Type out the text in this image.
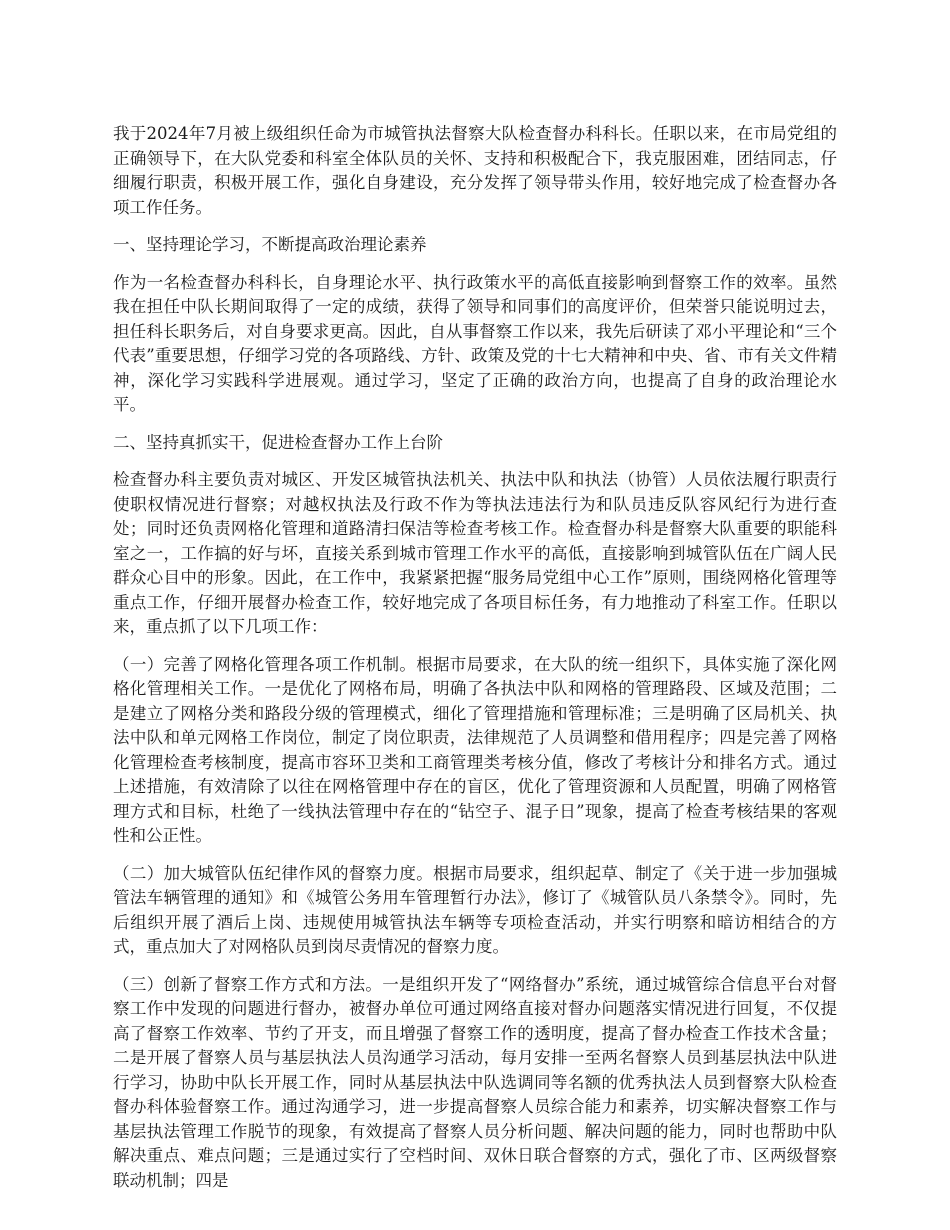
我于2024年7月被上级组织任命为市城管执法督察大队检查督办科科长。任职以来，在市局党组的正确领导下，在大队党委和科室全体队员的关怀、支持和积极配合下，我克服困难，团结同志，仔细履行职责，积极开展工作，强化自身建设，充分发挥了领导带头作用，较好地完成了检查督办各项工作任务。

一、坚持理论学习，不断提高政治理论素养

作为一名检查督办科科长，自身理论水平、执行政策水平的高低直接影响到督察工作的效率。虽然我在担任中队长期间取得了一定的成绩，获得了领导和同事们的高度评价，但荣誉只能说明过去，担任科长职务后，对自身要求更高。因此，自从事督察工作以来，我先后研读了邓小平理论和“三个代表”重要思想，仔细学习党的各项路线、方针、政策及党的十七大精神和中央、省、市有关文件精神，深化学习实践科学进展观。通过学习，坚定了正确的政治方向，也提高了自身的政治理论水平。

二、坚持真抓实干，促进检查督办工作上台阶

检查督办科主要负责对城区、开发区城管执法机关、执法中队和执法（协管）人员依法履行职责行使职权情况进行督察；对越权执法及行政不作为等执法违法行为和队员违反队容风纪行为进行查处；同时还负责网格化管理和道路清扫保洁等检查考核工作。检查督办科是督察大队重要的职能科室之一，工作搞的好与坏，直接关系到城市管理工作水平的高低，直接影响到城管队伍在广阔人民群众心目中的形象。因此，在工作中，我紧紧把握“服务局党组中心工作”原则，围绕网格化管理等重点工作，仔细开展督办检查工作，较好地完成了各项目标任务，有力地推动了科室工作。任职以来，重点抓了以下几项工作：

（一）完善了网格化管理各项工作机制。根据市局要求，在大队的统一组织下，具体实施了深化网格化管理相关工作。一是优化了网格布局，明确了各执法中队和网格的管理路段、区域及范围；二是建立了网格分类和路段分级的管理模式，细化了管理措施和管理标准；三是明确了区局机关、执法中队和单元网格工作岗位，制定了岗位职责，法律规范了人员调整和借用程序；四是完善了网格化管理检查考核制度，提高市容环卫类和工商管理类考核分值，修改了考核计分和排名方式。通过上述措施，有效清除了以往在网格管理中存在的盲区，优化了管理资源和人员配置，明确了网格管理方式和目标，杜绝了一线执法管理中存在的“钻空子、混子日”现象，提高了检查考核结果的客观性和公正性。

（二）加大城管队伍纪律作风的督察力度。根据市局要求，组织起草、制定了《关于进一步加强城管法车辆管理的通知》和《城管公务用车管理暂行办法》，修订了《城管队员八条禁令》。同时，先后组织开展了酒后上岗、违规使用城管执法车辆等专项检查活动，并实行明察和暗访相结合的方式，重点加大了对网格队员到岗尽责情况的督察力度。

（三）创新了督察工作方式和方法。一是组织开发了“网络督办”系统，通过城管综合信息平台对督察工作中发现的问题进行督办，被督办单位可通过网络直接对督办问题落实情况进行回复，不仅提高了督察工作效率、节约了开支，而且增强了督察工作的透明度，提高了督办检查工作技术含量；二是开展了督察人员与基层执法人员沟通学习活动，每月安排一至两名督察人员到基层执法中队进行学习，协助中队长开展工作，同时从基层执法中队选调同等名额的优秀执法人员到督察大队检查督办科体验督察工作。通过沟通学习，进一步提高督察人员综合能力和素养，切实解决督察工作与基层执法管理工作脱节的现象，有效提高了督察人员分析问题、解决问题的能力，同时也帮助中队解决重点、难点问题；三是通过实行了空档时间、双休日联合督察的方式，强化了市、区两级督察联动机制；四是
